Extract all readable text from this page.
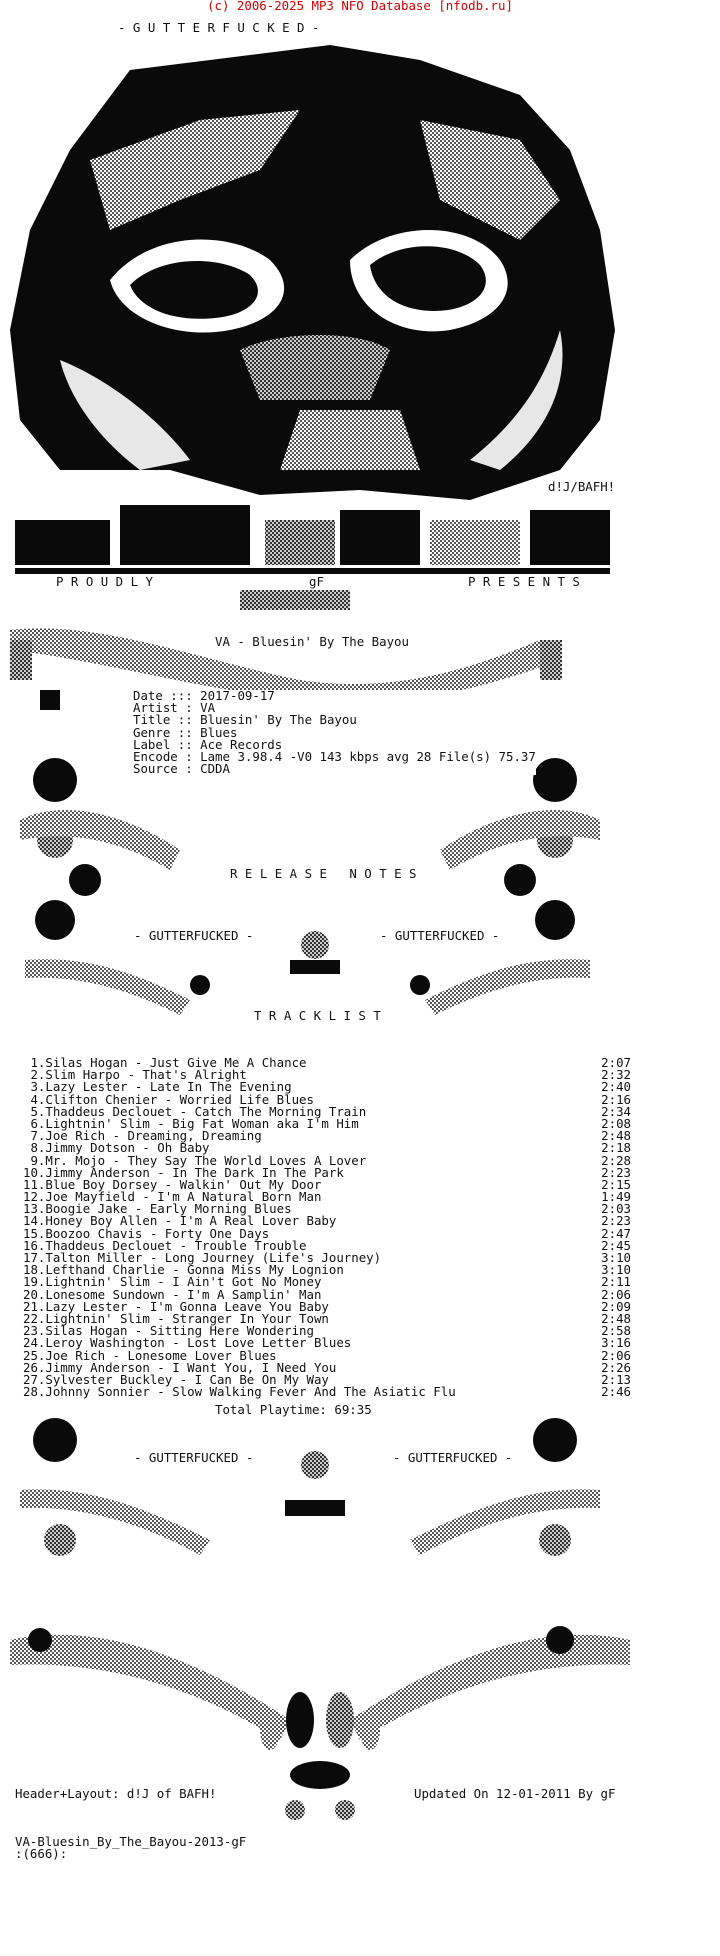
(c) 2006-2025 MP3 NFO Database [nfodb.ru]
- G U T T E R F U C K E D -
d!J/BAFH!
P R O U D L Y	gF	P R E S E N T S
VA - Bluesin' By The Bayou
Date ::: 2017-09-17
Artist : VA
Title :: Bluesin' By The Bayou
Genre :: Blues
Label :: Ace Records
Encode : Lame 3.98.4 -V0 143 kbps avg 28 File(s) 75.37
Source : CDDA
R E L E A S E   N O T E S
- GUTTERFUCKED -	- GUTTERFUCKED -
T R A C K L I S T
1.Silas Hogan - Just Give Me A Chance	2:07
2.Slim Harpo - That's Alright	2:32
3.Lazy Lester - Late In The Evening	2:40
4.Clifton Chenier - Worried Life Blues	2:16
5.Thaddeus Declouet - Catch The Morning Train	2:34
6.Lightnin' Slim - Big Fat Woman aka I'm Him	2:08
7.Joe Rich - Dreaming, Dreaming	2:48
8.Jimmy Dotson - Oh Baby	2:18
9.Mr. Mojo - They Say The World Loves A Lover	2:28
10.Jimmy Anderson - In The Dark In The Park	2:23
11.Blue Boy Dorsey - Walkin' Out My Door	2:15
12.Joe Mayfield - I'm A Natural Born Man	1:49
13.Boogie Jake - Early Morning Blues	2:03
14.Honey Boy Allen - I'm A Real Lover Baby	2:23
15.Boozoo Chavis - Forty One Days	2:47
16.Thaddeus Declouet - Trouble Trouble	2:45
17.Talton Miller - Long Journey (Life's Journey)	3:10
18.Lefthand Charlie - Gonna Miss My Lognion	3:10
19.Lightnin' Slim - I Ain't Got No Money	2:11
20.Lonesome Sundown - I'm A Samplin' Man	2:06
21.Lazy Lester - I'm Gonna Leave You Baby	2:09
22.Lightnin' Slim - Stranger In Your Town	2:48
23.Silas Hogan - Sitting Here Wondering	2:58
24.Leroy Washington - Lost Love Letter Blues	3:16
25.Joe Rich - Lonesome Lover Blues	2:06
26.Jimmy Anderson - I Want You, I Need You	2:26
27.Sylvester Buckley - I Can Be On My Way	2:13
28.Johnny Sonnier - Slow Walking Fever And The Asiatic Flu	2:46
Total Playtime: 69:35
- GUTTERFUCKED -	- GUTTERFUCKED -
Header+Layout: d!J of BAFH!	Updated On 12-01-2011 By gF
VA-Bluesin_By_The_Bayou-2013-gF
:(666):
